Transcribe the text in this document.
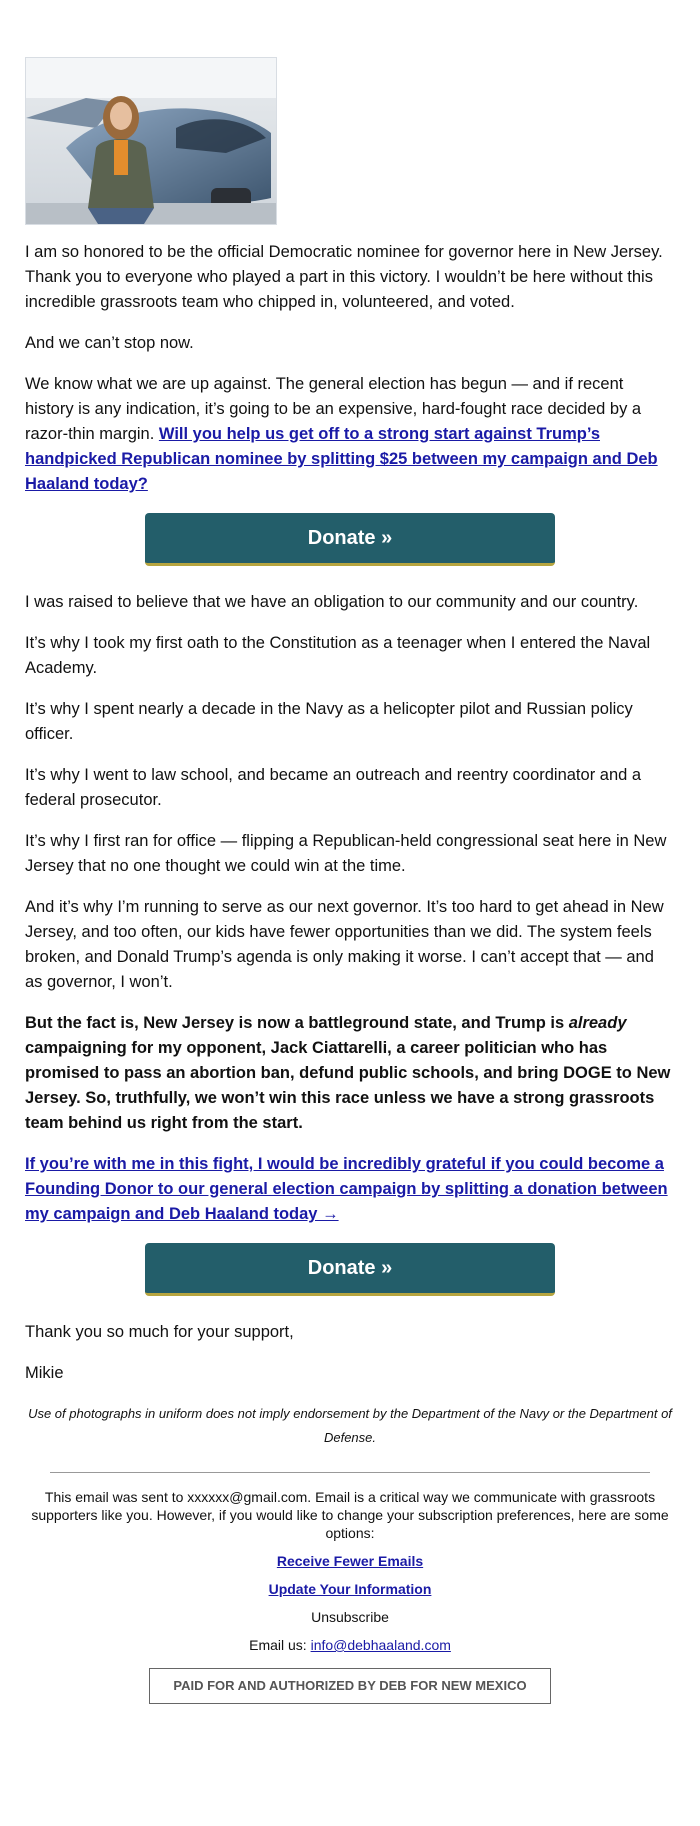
I am so honored to be the official Democratic nominee for governor here in New Jersey. Thank you to everyone who played a part in this victory. I wouldn’t be here without this incredible grassroots team who chipped in, volunteered, and voted.

And we can’t stop now.

We know what we are up against. The general election has begun — and if recent history is any indication, it’s going to be an expensive, hard-fought race decided by a razor-thin margin. Will you help us get off to a strong start against Trump’s handpicked Republican nominee by splitting $25 between my campaign and Deb Haaland today?

Donate »

I was raised to believe that we have an obligation to our community and our country.

It’s why I took my first oath to the Constitution as a teenager when I entered the Naval Academy.

It’s why I spent nearly a decade in the Navy as a helicopter pilot and Russian policy officer.

It’s why I went to law school, and became an outreach and reentry coordinator and a federal prosecutor.

It’s why I first ran for office — flipping a Republican-held congressional seat here in New Jersey that no one thought we could win at the time.

And it’s why I’m running to serve as our next governor. It’s too hard to get ahead in New Jersey, and too often, our kids have fewer opportunities than we did. The system feels broken, and Donald Trump’s agenda is only making it worse. I can’t accept that — and as governor, I won’t.

But the fact is, New Jersey is now a battleground state, and Trump is already campaigning for my opponent, Jack Ciattarelli, a career politician who has promised to pass an abortion ban, defund public schools, and bring DOGE to New Jersey. So, truthfully, we won’t win this race unless we have a strong grassroots team behind us right from the start.

If you’re with me in this fight, I would be incredibly grateful if you could become a Founding Donor to our general election campaign by splitting a donation between my campaign and Deb Haaland today →

Donate »

Thank you so much for your support,

Mikie

Use of photographs in uniform does not imply endorsement by the Department of the Navy or the Department of Defense.

This email was sent to xxxxxx@gmail.com. Email is a critical way we communicate with grassroots supporters like you. However, if you would like to change your subscription preferences, here are some options:

Receive Fewer Emails

Update Your Information

Unsubscribe

Email us: info@debhaaland.com

PAID FOR AND AUTHORIZED BY DEB FOR NEW MEXICO
